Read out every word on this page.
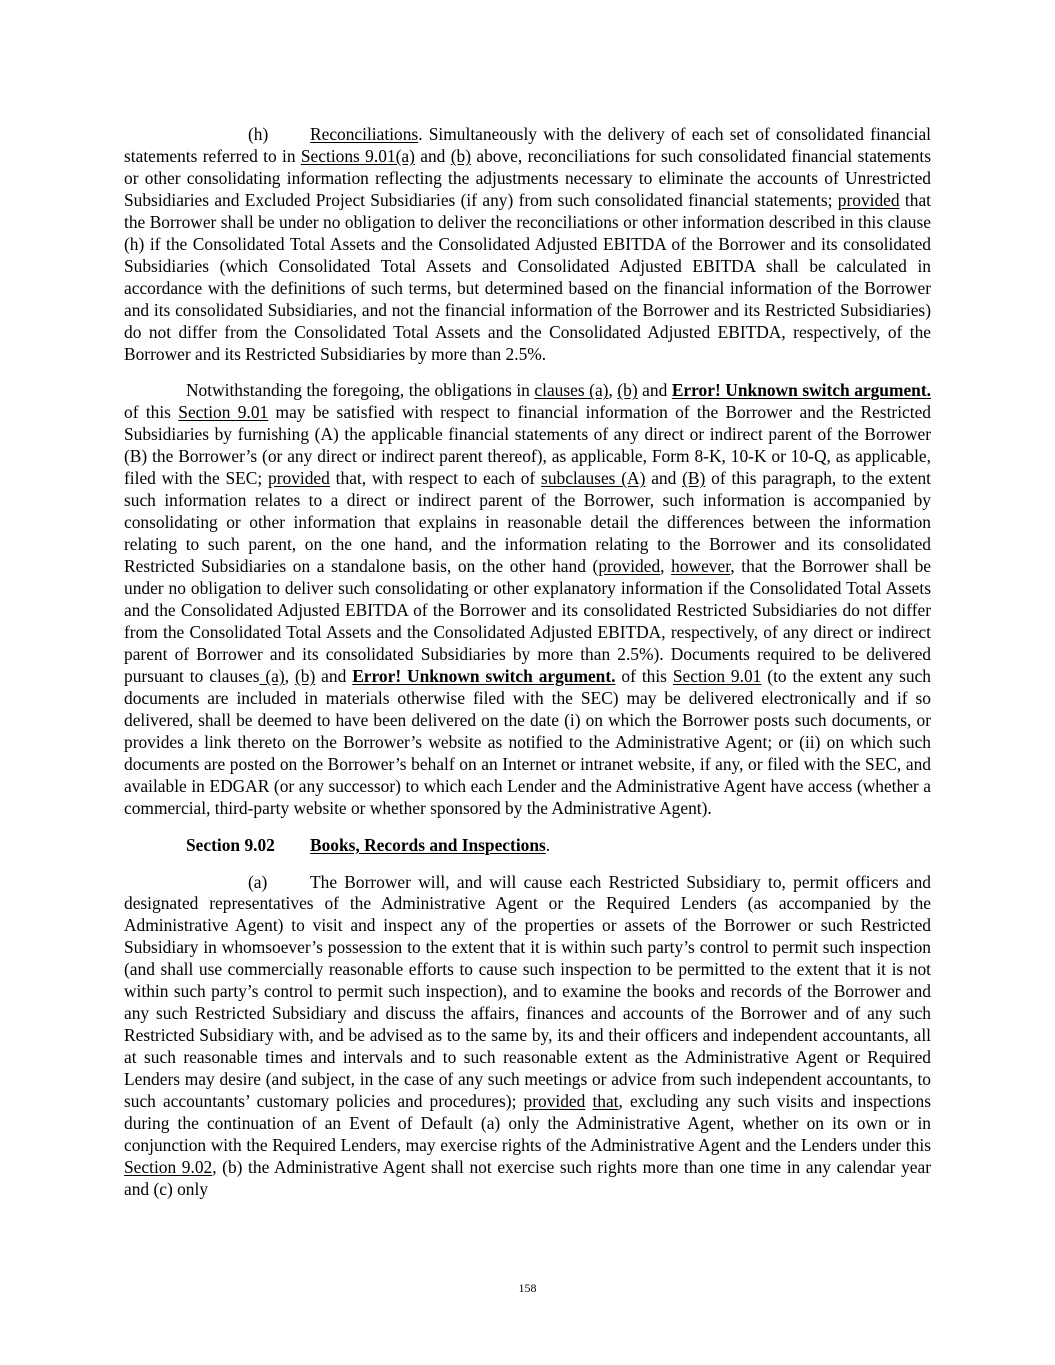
(h) Reconciliations. Simultaneously with the delivery of each set of consolidated financial statements referred to in Sections 9.01(a) and (b) above, reconciliations for such consolidated financial statements or other consolidating information reflecting the adjustments necessary to eliminate the accounts of Unrestricted Subsidiaries and Excluded Project Subsidiaries (if any) from such consolidated financial statements; provided that the Borrower shall be under no obligation to deliver the reconciliations or other information described in this clause (h) if the Consolidated Total Assets and the Consolidated Adjusted EBITDA of the Borrower and its consolidated Subsidiaries (which Consolidated Total Assets and Consolidated Adjusted EBITDA shall be calculated in accordance with the definitions of such terms, but determined based on the financial information of the Borrower and its consolidated Subsidiaries, and not the financial information of the Borrower and its Restricted Subsidiaries) do not differ from the Consolidated Total Assets and the Consolidated Adjusted EBITDA, respectively, of the Borrower and its Restricted Subsidiaries by more than 2.5%.

Notwithstanding the foregoing, the obligations in clauses (a), (b) and Error! Unknown switch argument. of this Section 9.01 may be satisfied with respect to financial information of the Borrower and the Restricted Subsidiaries by furnishing (A) the applicable financial statements of any direct or indirect parent of the Borrower (B) the Borrower’s (or any direct or indirect parent thereof), as applicable, Form 8-K, 10-K or 10-Q, as applicable, filed with the SEC; provided that, with respect to each of subclauses (A) and (B) of this paragraph, to the extent such information relates to a direct or indirect parent of the Borrower, such information is accompanied by consolidating or other information that explains in reasonable detail the differences between the information relating to such parent, on the one hand, and the information relating to the Borrower and its consolidated Restricted Subsidiaries on a standalone basis, on the other hand (provided, however, that the Borrower shall be under no obligation to deliver such consolidating or other explanatory information if the Consolidated Total Assets and the Consolidated Adjusted EBITDA of the Borrower and its consolidated Restricted Subsidiaries do not differ from the Consolidated Total Assets and the Consolidated Adjusted EBITDA, respectively, of any direct or indirect parent of Borrower and its consolidated Subsidiaries by more than 2.5%). Documents required to be delivered pursuant to clauses (a), (b) and Error! Unknown switch argument. of this Section 9.01 (to the extent any such documents are included in materials otherwise filed with the SEC) may be delivered electronically and if so delivered, shall be deemed to have been delivered on the date (i) on which the Borrower posts such documents, or provides a link thereto on the Borrower’s website as notified to the Administrative Agent; or (ii) on which such documents are posted on the Borrower’s behalf on an Internet or intranet website, if any, or filed with the SEC, and available in EDGAR (or any successor) to which each Lender and the Administrative Agent have access (whether a commercial, third-party website or whether sponsored by the Administrative Agent).

Section 9.02 Books, Records and Inspections.

(a) The Borrower will, and will cause each Restricted Subsidiary to, permit officers and designated representatives of the Administrative Agent or the Required Lenders (as accompanied by the Administrative Agent) to visit and inspect any of the properties or assets of the Borrower or such Restricted Subsidiary in whomsoever’s possession to the extent that it is within such party’s control to permit such inspection (and shall use commercially reasonable efforts to cause such inspection to be permitted to the extent that it is not within such party’s control to permit such inspection), and to examine the books and records of the Borrower and any such Restricted Subsidiary and discuss the affairs, finances and accounts of the Borrower and of any such Restricted Subsidiary with, and be advised as to the same by, its and their officers and independent accountants, all at such reasonable times and intervals and to such reasonable extent as the Administrative Agent or Required Lenders may desire (and subject, in the case of any such meetings or advice from such independent accountants, to such accountants’ customary policies and procedures); provided that, excluding any such visits and inspections during the continuation of an Event of Default (a) only the Administrative Agent, whether on its own or in conjunction with the Required Lenders, may exercise rights of the Administrative Agent and the Lenders under this Section 9.02, (b) the Administrative Agent shall not exercise such rights more than one time in any calendar year and (c) only

158
